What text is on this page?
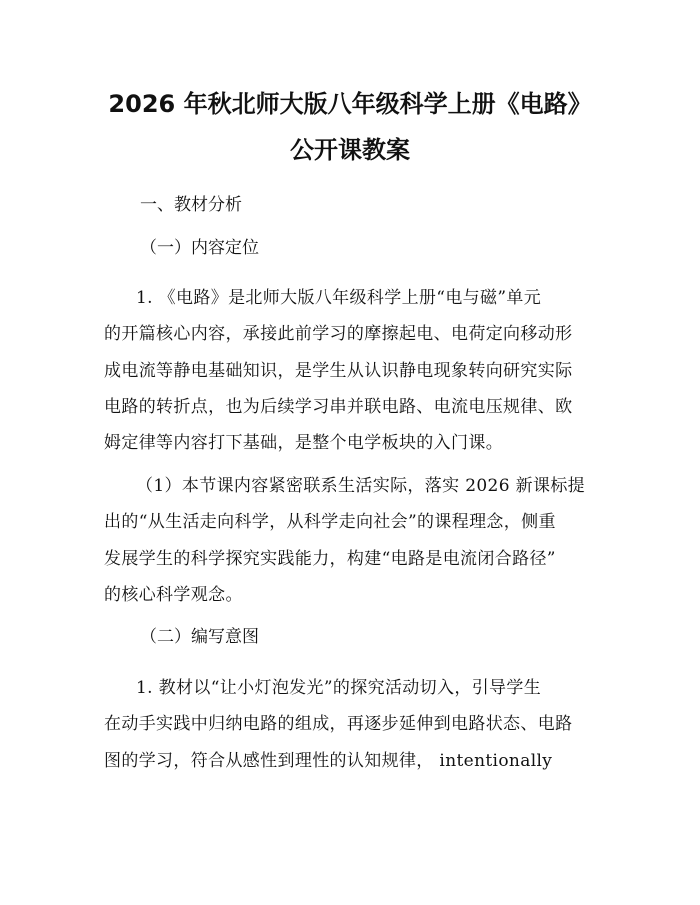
2026 年秋北师大版八年级科学上册《电路》
公开课教案

一、教材分析

（一）内容定位

1. 《电路》是北师大版八年级科学上册“电与磁”单元
的开篇核心内容，承接此前学习的摩擦起电、电荷定向移动形
成电流等静电基础知识，是学生从认识静电现象转向研究实际
电路的转折点，也为后续学习串并联电路、电流电压规律、欧
姆定律等内容打下基础，是整个电学板块的入门课。

（1）本节课内容紧密联系生活实际，落实 2026 新课标提
出的“从生活走向科学，从科学走向社会”的课程理念，侧重
发展学生的科学探究实践能力，构建“电路是电流闭合路径”
的核心科学观念。

（二）编写意图

1. 教材以“让小灯泡发光”的探究活动切入，引导学生
在动手实践中归纳电路的组成，再逐步延伸到电路状态、电路
图的学习，符合从感性到理性的认知规律， intentionally
